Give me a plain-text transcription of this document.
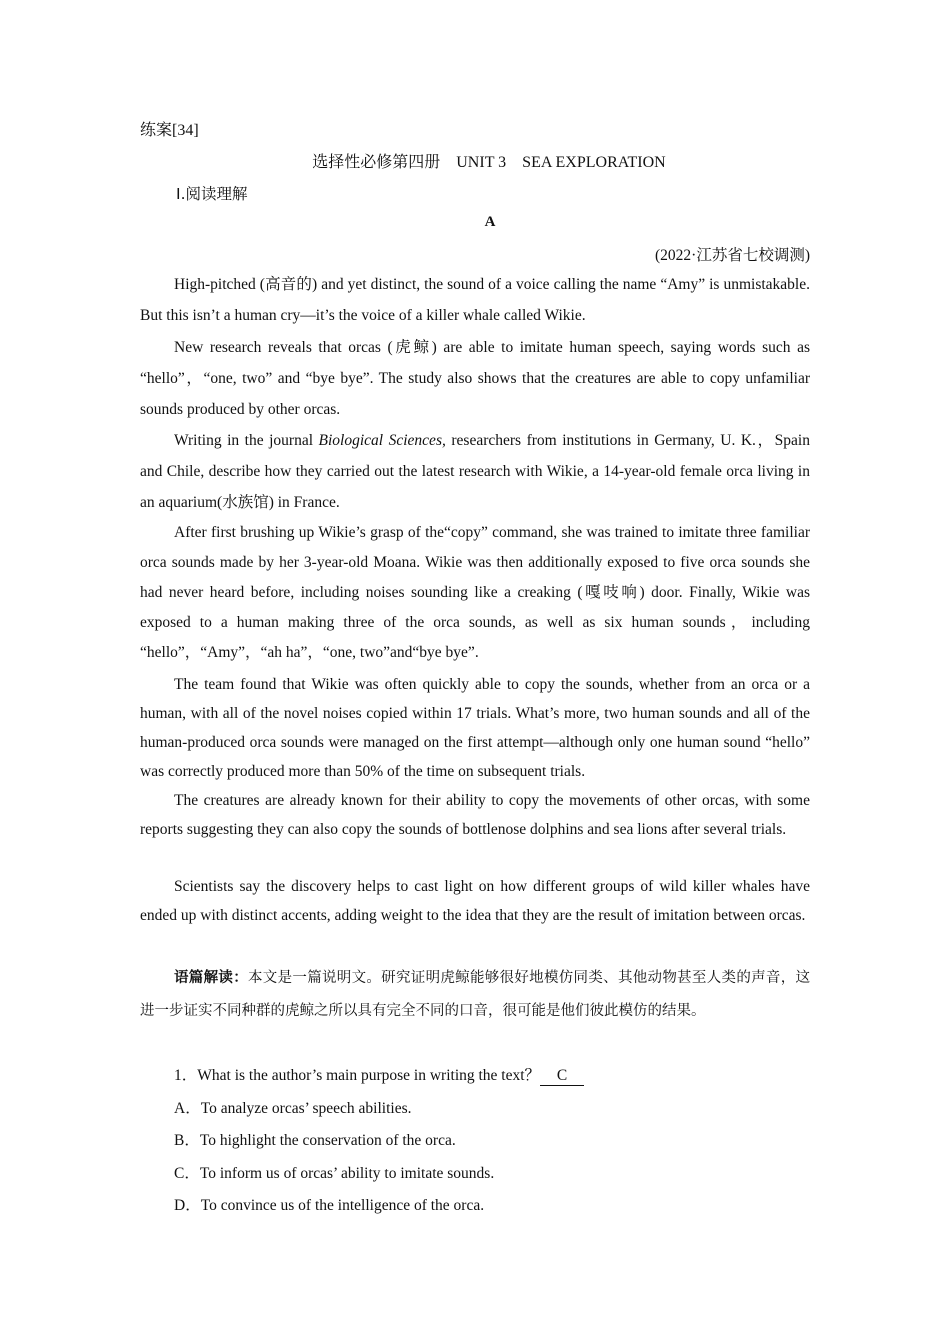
练案[34]
选择性必修第四册　UNIT 3　SEA EXPLORATION
Ⅰ.阅读理解
A
(2022·江苏省七校调测)

High-pitched (高音的) and yet distinct, the sound of a voice calling the name “Amy” is unmistakable. But this isn’t a human cry—it’s the voice of a killer whale called Wikie.

New research reveals that orcas (虎鲸) are able to imitate human speech, saying words such as “hello”，“one, two” and “bye bye”. The study also shows that the creatures are able to copy unfamiliar sounds produced by other orcas.

Writing in the journal Biological Sciences, researchers from institutions in Germany, U. K.，Spain and Chile, describe how they carried out the latest research with Wikie, a 14-year-old female orca living in an aquarium(水族馆) in France.

After first brushing up Wikie’s grasp of the“copy” command, she was trained to imitate three familiar orca sounds made by her 3-year-old Moana. Wikie was then additionally exposed to five orca sounds she had never heard before, including noises sounding like a creaking (嘎吱响) door. Finally, Wikie was exposed to a human making three of the orca sounds, as well as six human sounds，including “hello”，“Amy”，“ah ha”，“one, two”and“bye bye”.

The team found that Wikie was often quickly able to copy the sounds, whether from an orca or a human, with all of the novel noises copied within 17 trials. What’s more, two human sounds and all of the human-produced orca sounds were managed on the first attempt—although only one human sound “hello” was correctly produced more than 50% of the time on subsequent trials.

The creatures are already known for their ability to copy the movements of other orcas, with some reports suggesting they can also copy the sounds of bottlenose dolphins and sea lions after several trials.

Scientists say the discovery helps to cast light on how different groups of wild killer whales have ended up with distinct accents, adding weight to the idea that they are the result of imitation between orcas.

语篇解读：本文是一篇说明文。研究证明虎鲸能够很好地模仿同类、其他动物甚至人类的声音，这进一步证实不同种群的虎鲸之所以具有完全不同的口音，很可能是他们彼此模仿的结果。

1．What is the author’s main purpose in writing the text？ C
A．To analyze orcas’ speech abilities.
B．To highlight the conservation of the orca.
C．To inform us of orcas’ ability to imitate sounds.
D．To convince us of the intelligence of the orca.
